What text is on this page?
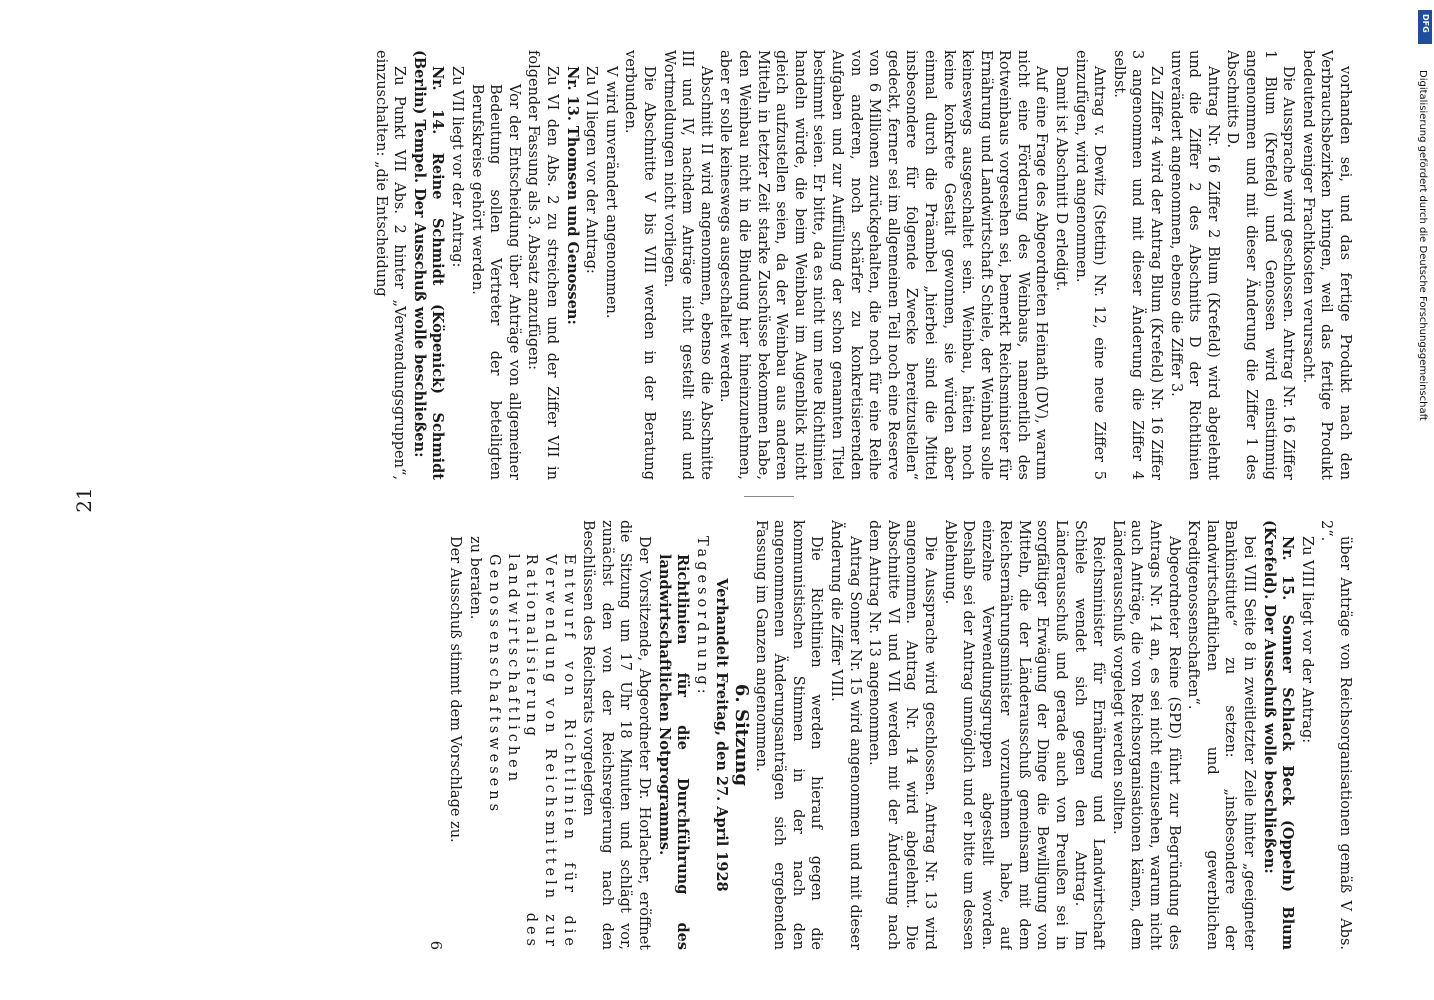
21

vorhanden sei, und das fertige Produkt nach den Verbrauchsbezirken bringen, weil das fertige Produkt bedeutend weniger Frachtkosten verursacht.

Die Aussprache wird geschlossen. Antrag Nr. 16 Ziffer 1 Blum (Krefeld) und Genossen wird einstimmig angenommen und mit dieser Änderung die Ziffer 1 des Abschnitts D.

Antrag Nr. 16 Ziffer 2 Blum (Krefeld) wird abgelehnt und die Ziffer 2 des Abschnitts D der Richtlinien unverändert angenommen, ebenso die Ziffer 3.

Zu Ziffer 4 wird der Antrag Blum (Krefeld) Nr. 16 Ziffer 3 angenommen und mit dieser Änderung die Ziffer 4 selbst.

Antrag v. Dewitz (Stettin) Nr. 12, eine neue Ziffer 5 einzufügen, wird angenommen.

Damit ist Abschnitt D erledigt.

Auf eine Frage des Abgeordneten Heinath (DV), warum nicht eine Förderung des Weinbaus, namentlich des Rotweinbaus vorgesehen sei, bemerkt Reichsminister für Ernährung und Landwirtschaft Schiele, der Weinbau solle keineswegs ausgeschaltet sein. Weinbau, hätten noch keine konkrete Gestalt gewonnen, sie würden aber einmal durch die Präambel „hierbei sind die Mittel insbesondere für folgende Zwecke bereitzustellen“ gedeckt, ferner sei im allgemeinen Teil noch eine Reserve von 6 Millionen zurückgehalten, die noch für eine Reihe von anderen, noch schärfer zu konkretisierenden Aufgaben und zur Auffüllung der schon genannten Titel bestimmt seien. Er bitte, da es nicht um neue Richtlinien handeln würde, die beim Weinbau im Augenblick nicht gleich aufzustellen seien, da der Weinbau aus anderen Mitteln in letzter Zeit starke Zuschüsse bekommen habe, den Weinbau nicht in die Bindung hier hineinzunehmen, aber er solle keineswegs ausgeschaltet werden.

Abschnitt II wird angenommen, ebenso die Abschnitte III und IV, nachdem Anträge nicht gestellt sind und Wortmeldungen nicht vorliegen.

Die Abschnitte V bis VIII werden in der Beratung verbunden.

V wird unverändert angenommen.

Zu VI liegen vor der Antrag:

Nr. 13. Thomsen und Genossen:

Zu VI den Abs. 2 zu streichen und der Ziffer VII in folgender Fassung als 3. Absatz anzufügen:

Vor der Entscheidung über Anträge von allgemeiner Bedeutung sollen Vertreter der beteiligten Berufskreise gehört werden.

Zu VII liegt vor der Antrag:

Nr. 14. Reine Schmidt (Köpenick) Schmidt (Berlin) Tempel. Der Ausschuß wolle beschließen:

Zu Punkt VII Abs. 2 hinter „Verwendungsgruppen“, einzuschalten: „die Entscheidung

über Anträge von Reichsorganisationen gemäß V Abs. 2“.

Zu VIII liegt vor der Antrag:

Nr. 15. Sonner Schlack Beck (Oppeln) Blum (Krefeld). Der Ausschuß wolle beschließen:

bei VIII Seite 8 in zweitletzter Zeile hinter „geeigneter Bankinstitute“ zu setzen: „insbesondere der landwirtschaftlichen und gewerblichen Kreditgenossenschaften“.

Abgeordneter Reine (SPD) führt zur Begründung des Antrags Nr. 14 an, es sei nicht einzusehen, warum nicht auch Anträge, die von Reichsorganisationen kämen, dem Länderausschuß vorgelegt werden sollten.

Reichsminister für Ernährung und Landwirtschaft Schiele wendet sich gegen den Antrag. Im Länderausschuß und gerade auch von Preußen sei in sorgfältiger Erwägung der Dinge die Bewilligung von Mitteln, die der Länderausschuß gemeinsam mit dem Reichsernährungsminister vorzunehmen habe, auf einzelne Verwendungsgruppen abgestellt worden. Deshalb sei der Antrag unmöglich und er bitte um dessen Ablehnung.

Die Aussprache wird geschlossen. Antrag Nr. 13 wird angenommen. Antrag Nr. 14 wird abgelehnt. Die Abschnitte VI und VII werden mit der Änderung nach dem Antrag Nr. 13 angenommen.

Antrag Sonner Nr. 15 wird angenommen und mit dieser Änderung die Ziffer VIII.

Die Richtlinien werden hierauf gegen die kommunistischen Stimmen in der nach den angenommenen Änderungsanträgen sich ergebenden Fassung im Ganzen angenommen.

6. Sitzung

Verhandelt Freitag, den 27. April 1928

Tagesordnung:

Richtlinien für die Durchführung des landwirtschaftlichen Notprogramms.

Der Vorsitzende, Abgeordneter Dr. Horlacher, eröffnet die Sitzung um 17 Uhr 18 Minuten und schlägt vor, zunächst den von der Reichsregierung nach den Beschlüssen des Reichsrats vorgelegten

Entwurf von Richtlinien für die Verwendung von Reichsmitteln zur Rationalisierung des landwirtschaftlichen Genossenschaftswesens

zu beraten.

Der Ausschuß stimmt dem Vorschlage zu.

6

DFG
Digitalisierung gefördert durch die Deutsche Forschungsgemeinschaft
